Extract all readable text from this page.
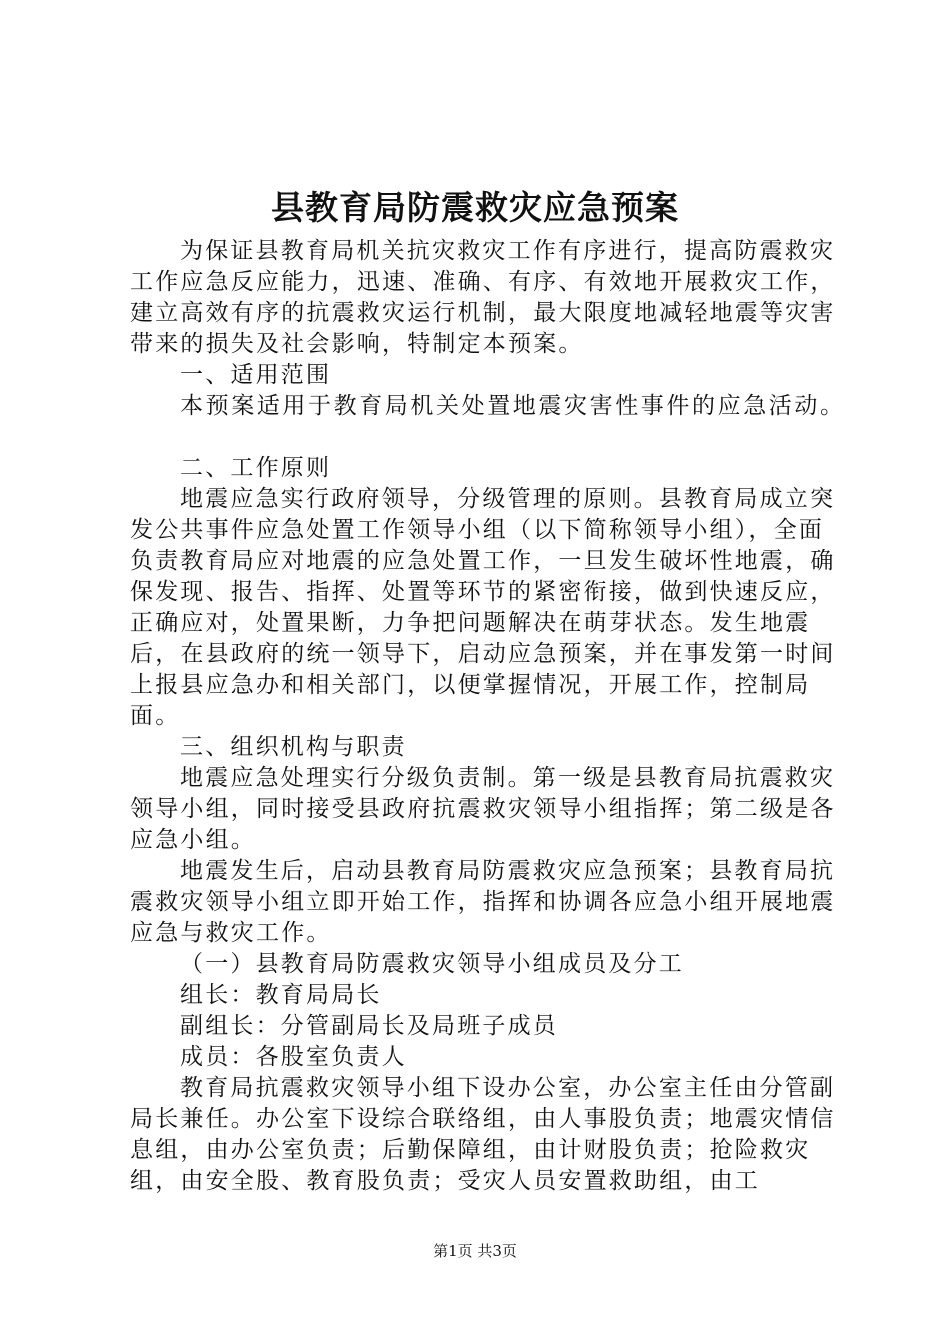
县教育局防震救灾应急预案

为保证县教育局机关抗灾救灾工作有序进行，提高防震救灾工作应急反应能力，迅速、准确、有序、有效地开展救灾工作，建立高效有序的抗震救灾运行机制，最大限度地减轻地震等灾害带来的损失及社会影响，特制定本预案。

一、适用范围

本预案适用于教育局机关处置地震灾害性事件的应急活动。

二、工作原则

地震应急实行政府领导，分级管理的原则。县教育局成立突发公共事件应急处置工作领导小组（以下简称领导小组），全面负责教育局应对地震的应急处置工作，一旦发生破坏性地震，确保发现、报告、指挥、处置等环节的紧密衔接，做到快速反应，正确应对，处置果断，力争把问题解决在萌芽状态。发生地震后，在县政府的统一领导下，启动应急预案，并在事发第一时间上报县应急办和相关部门，以便掌握情况，开展工作，控制局面。

三、组织机构与职责

地震应急处理实行分级负责制。第一级是县教育局抗震救灾领导小组，同时接受县政府抗震救灾领导小组指挥；第二级是各应急小组。

地震发生后，启动县教育局防震救灾应急预案；县教育局抗震救灾领导小组立即开始工作，指挥和协调各应急小组开展地震应急与救灾工作。

（一）县教育局防震救灾领导小组成员及分工

组长：教育局局长

副组长：分管副局长及局班子成员

成员：各股室负责人

教育局抗震救灾领导小组下设办公室，办公室主任由分管副局长兼任。办公室下设综合联络组，由人事股负责；地震灾情信息组，由办公室负责；后勤保障组，由计财股负责；抢险救灾组，由安全股、教育股负责；受灾人员安置救助组，由工

第1页 共3页
